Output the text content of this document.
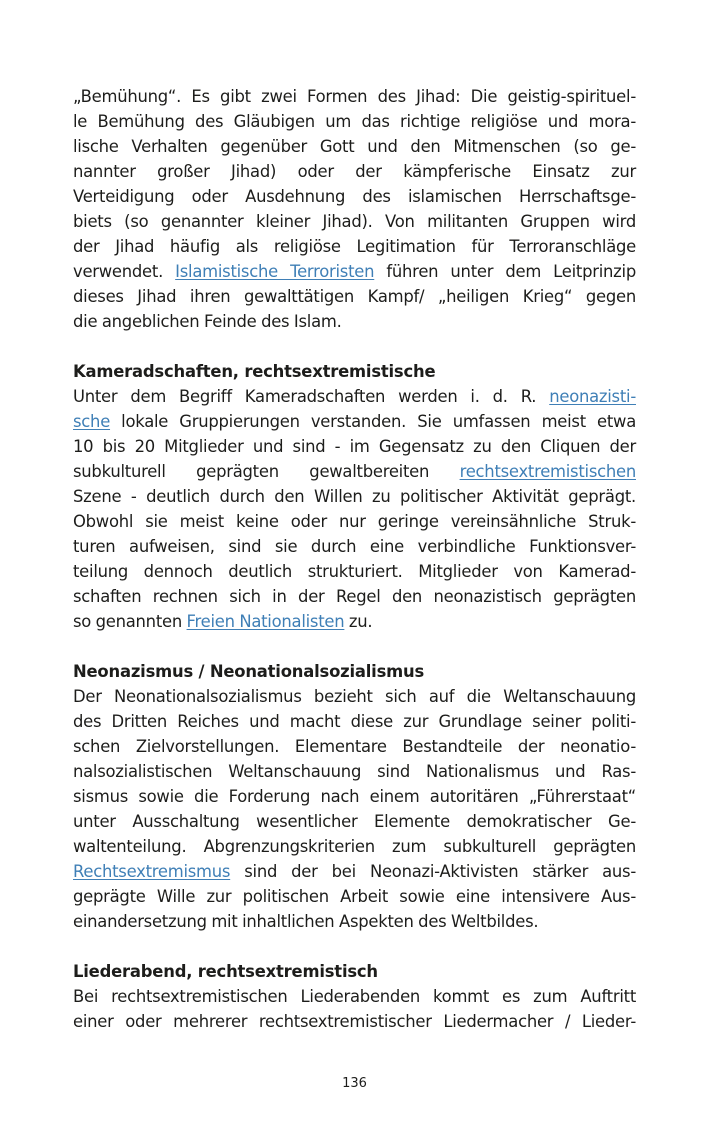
„Bemühung“. Es gibt zwei Formen des Jihad: Die geistig-spirituel-
le Bemühung des Gläubigen um das richtige religiöse und mora-
lische Verhalten gegenüber Gott und den Mitmenschen (so ge-
nannter großer Jihad) oder der kämpferische Einsatz zur
Verteidigung oder Ausdehnung des islamischen Herrschaftsge-
biets (so genannter kleiner Jihad). Von militanten Gruppen wird
der Jihad häufig als religiöse Legitimation für Terroranschläge
verwendet. Islamistische Terroristen führen unter dem Leitprinzip
dieses Jihad ihren gewalttätigen Kampf/ „heiligen Krieg“ gegen
die angeblichen Feinde des Islam.
Kameradschaften, rechtsextremistische
Unter dem Begriff Kameradschaften werden i. d. R. neonazisti-
sche lokale Gruppierungen verstanden. Sie umfassen meist etwa
10 bis 20 Mitglieder und sind - im Gegensatz zu den Cliquen der
subkulturell geprägten gewaltbereiten rechtsextremistischen
Szene - deutlich durch den Willen zu politischer Aktivität geprägt.
Obwohl sie meist keine oder nur geringe vereinsähnliche Struk-
turen aufweisen, sind sie durch eine verbindliche Funktionsver-
teilung dennoch deutlich strukturiert. Mitglieder von Kamerad-
schaften rechnen sich in der Regel den neonazistisch geprägten
so genannten Freien Nationalisten zu.
Neonazismus / Neonationalsozialismus
Der Neonationalsozialismus bezieht sich auf die Weltanschauung
des Dritten Reiches und macht diese zur Grundlage seiner politi-
schen Zielvorstellungen. Elementare Bestandteile der neonatio-
nalsozialistischen Weltanschauung sind Nationalismus und Ras-
sismus sowie die Forderung nach einem autoritären „Führerstaat“
unter Ausschaltung wesentlicher Elemente demokratischer Ge-
waltenteilung. Abgrenzungskriterien zum subkulturell geprägten
Rechtsextremismus sind der bei Neonazi-Aktivisten stärker aus-
geprägte Wille zur politischen Arbeit sowie eine intensivere Aus-
einandersetzung mit inhaltlichen Aspekten des Weltbildes.
Liederabend, rechtsextremistisch
Bei rechtsextremistischen Liederabenden kommt es zum Auftritt
einer oder mehrerer rechtsextremistischer Liedermacher / Lieder-
136
